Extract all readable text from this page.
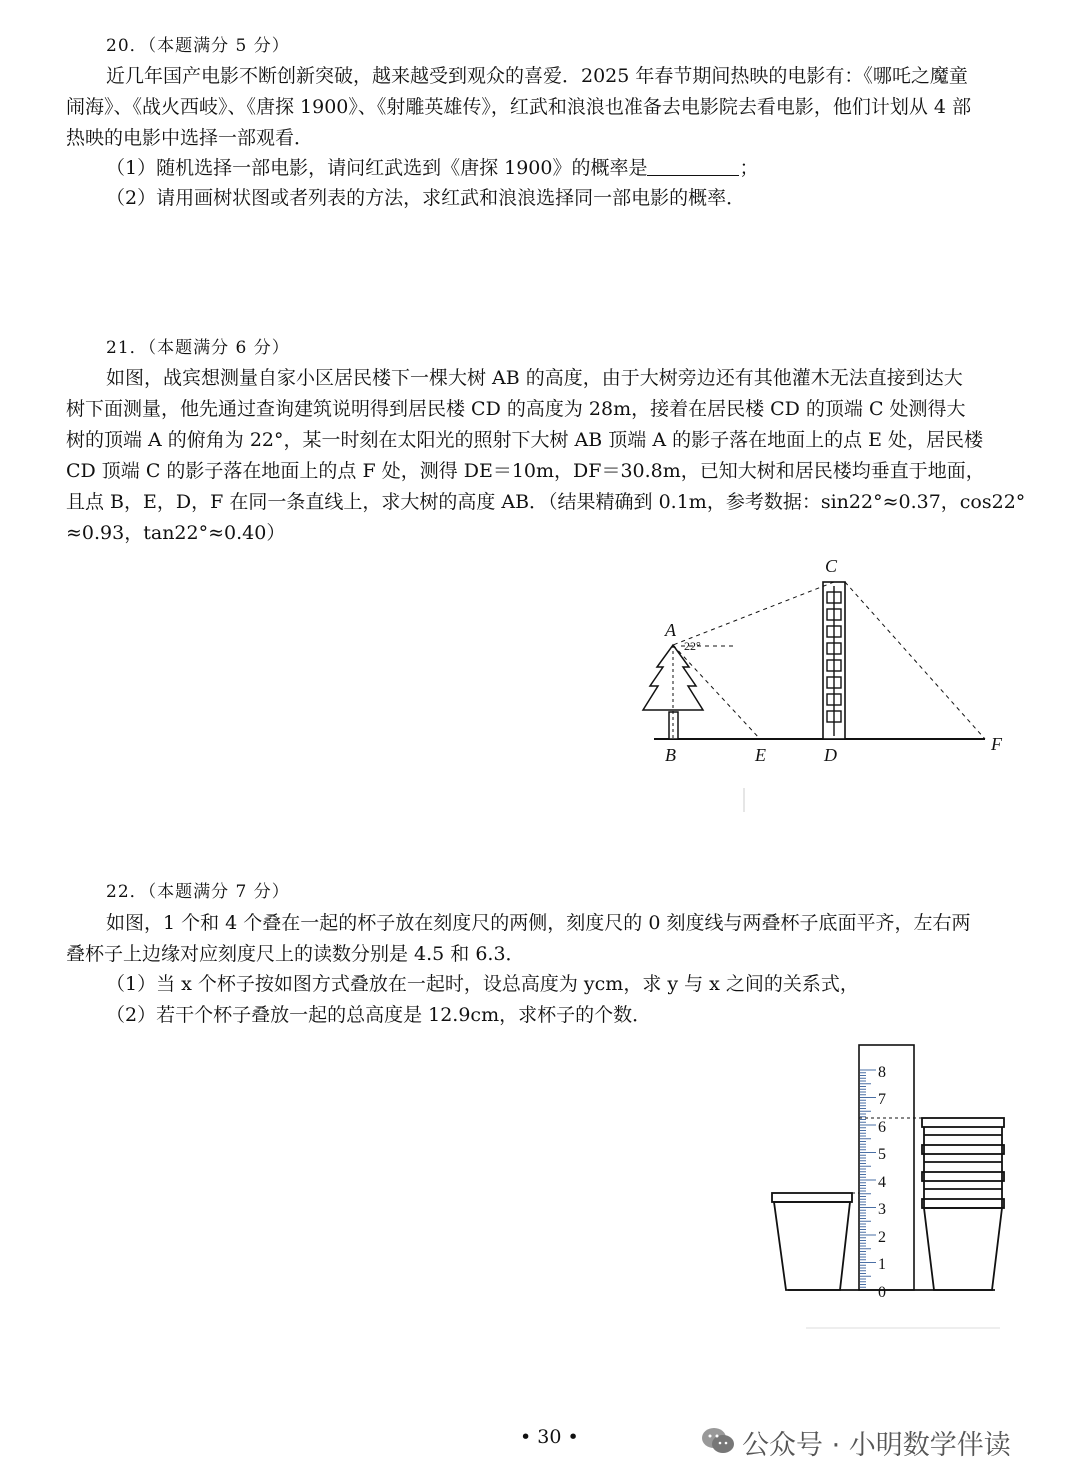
20．（本题满分 5 分）
近几年国产电影不断创新突破，越来越受到观众的喜爱．2025 年春节期间热映的电影有：《哪吒之魔童
闹海》、《战火西岐》、《唐探 1900》、《射雕英雄传》，红武和浪浪也准备去电影院去看电影，他们计划从 4 部
热映的电影中选择一部观看．
（1）随机选择一部电影，请问红武选到《唐探 1900》的概率是	；
（2）请用画树状图或者列表的方法，求红武和浪浪选择同一部电影的概率．
21．（本题满分 6 分）
如图，战宾想测量自家小区居民楼下一棵大树 AB 的高度，由于大树旁边还有其他灌木无法直接到达大
树下面测量，他先通过查询建筑说明得到居民楼 CD 的高度为 28m，接着在居民楼 CD 的顶端 C 处测得大
树的顶端 A 的俯角为 22°，某一时刻在太阳光的照射下大树 AB 顶端 A 的影子落在地面上的点 E 处，居民楼
CD 顶端 C 的影子落在地面上的点 F 处，测得 DE＝10m，DF＝30.8m，已知大树和居民楼均垂直于地面，
且点 B，E，D，F 在同一条直线上，求大树的高度 AB．（结果精确到 0.1m，参考数据：sin22°≈0.37，cos22°
≈0.93，tan22°≈0.40）
A
B
C
D
E
F
22°
22．（本题满分 7 分）
如图，1 个和 4 个叠在一起的杯子放在刻度尺的两侧，刻度尺的 0 刻度线与两叠杯子底面平齐，左右两
叠杯子上边缘对应刻度尺上的读数分别是 4.5 和 6.3．
（1）当 x 个杯子按如图方式叠放在一起时，设总高度为 ycm，求 y 与 x 之间的关系式，
（2）若干个杯子叠放一起的总高度是 12.9cm，求杯子的个数．
8
7
6
5
4
3
2
1
0
• 30 •	公众号 · 小明数学伴读
